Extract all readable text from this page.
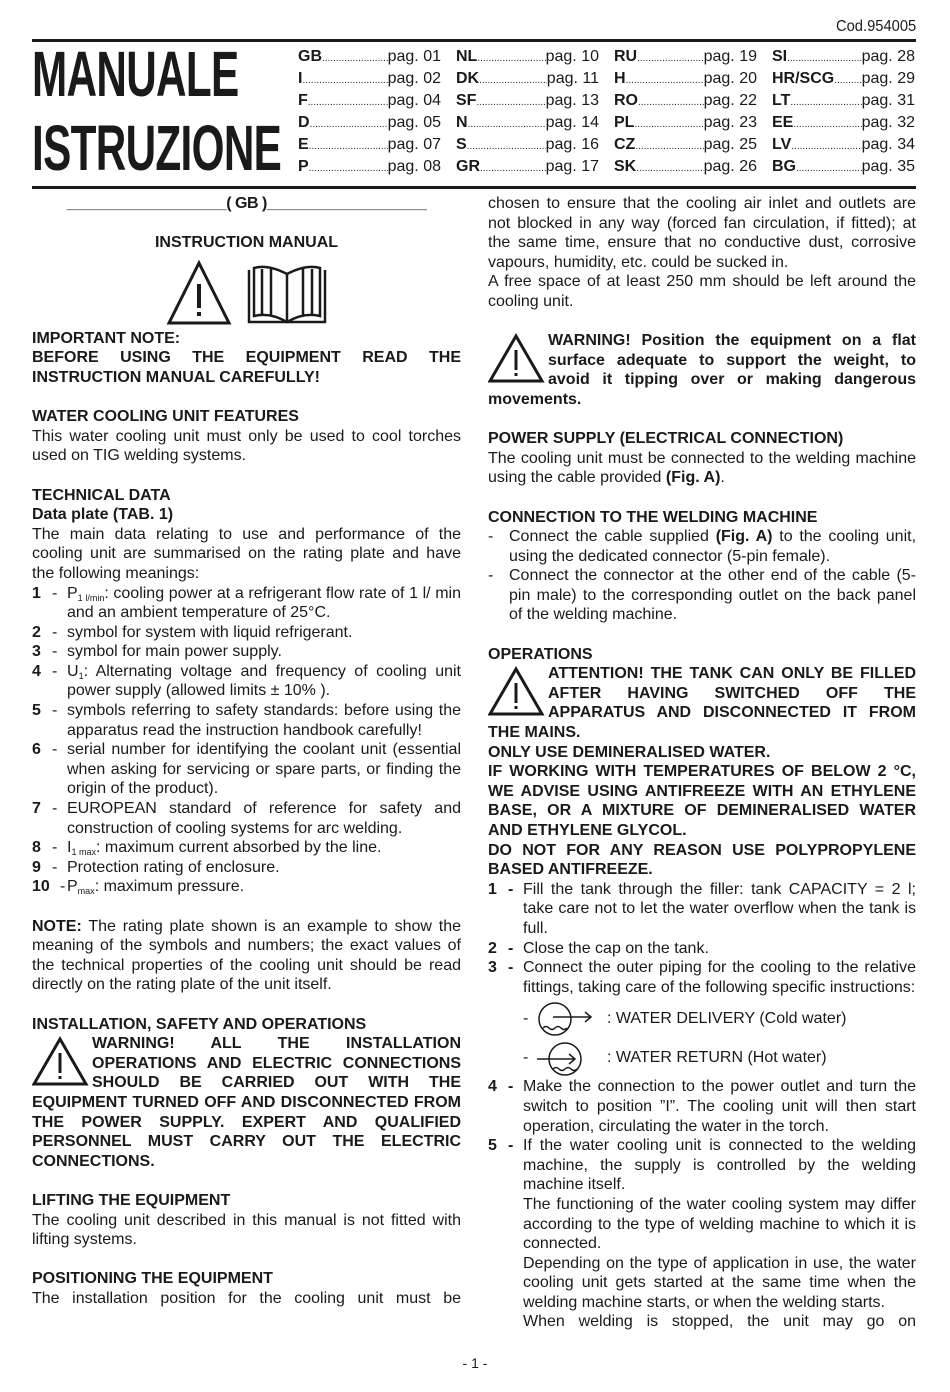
Cod.954005
MANUALE
ISTRUZIONE
GB .....	pag. 01 NL .....	pag. 10 RU .....	pag. 19 SI .....	pag. 28
I .....	pag. 02 DK .....	pag. 11 H .....	pag. 20 HR/SCG ..... pag. 29
F .....	pag. 04 SF .....	pag. 13 RO .....	pag. 22 LT .....	pag. 31
D .....	pag. 05 N .....	pag. 14 PL .....	pag. 23 EE .....	pag. 32
E .....	pag. 07 S .....	pag. 16 CZ .....	pag. 25 LV .....	pag. 34
P .....	pag. 08 GR .....	pag. 17 SK .....	pag. 26 BG .....	pag. 35

___________________( GB )___________________

INSTRUCTION MANUAL

IMPORTANT NOTE:

BEFORE USING THE EQUIPMENT READ THE INSTRUCTION MANUAL CAREFULLY!

WATER COOLING UNIT FEATURES

This water cooling unit must only be used to cool torches used on TIG welding systems.

TECHNICAL DATA

Data plate (TAB. 1)

The main data relating to use and performance of the cooling unit are summarised on the rating plate and have the following meanings:

$1 - P_{1 l/min}$: cooling power at a refrigerant flow rate of 1 l/ min and an ambient temperature of 25°C.
2 - symbol for system with liquid refrigerant.
3 - symbol for main power supply.
$4 - U_1$: Alternating voltage and frequency of cooling unit power supply (allowed limits ± 10% ).
5 - symbols referring to safety standards: before using the apparatus read the instruction handbook carefully!
6 - serial number for identifying the coolant unit (essential when asking for servicing or spare parts, or finding the origin of the product).
7 - EUROPEAN standard of reference for safety and construction of cooling systems for arc welding.
$8 - I_{1 max}$: maximum current absorbed by the line.
9 - Protection rating of enclosure.
$10 - P_{max}$: maximum pressure.

NOTE: The rating plate shown is an example to show the meaning of the symbols and numbers; the exact values of the technical properties of the cooling unit should be read directly on the rating plate of the unit itself.

INSTALLATION, SAFETY AND OPERATIONS

WARNING! ALL THE INSTALLATION OPERATIONS AND ELECTRIC CONNECTIONS SHOULD BE CARRIED OUT WITH THE EQUIPMENT TURNED OFF AND DISCONNECTED FROM THE POWER SUPPLY. EXPERT AND QUALIFIED PERSONNEL MUST CARRY OUT THE ELECTRIC CONNECTIONS.

LIFTING THE EQUIPMENT

The cooling unit described in this manual is not fitted with lifting systems.

POSITIONING THE EQUIPMENT

The installation position for the cooling unit must be

chosen to ensure that the cooling air inlet and outlets are not blocked in any way (forced fan circulation, if fitted); at the same time, ensure that no conductive dust, corrosive vapours, humidity, etc. could be sucked in.

A free space of at least 250 mm should be left around the cooling unit.

WARNING! Position the equipment on a flat surface adequate to support the weight, to avoid it tipping over or making dangerous movements.

POWER SUPPLY (ELECTRICAL CONNECTION)

The cooling unit must be connected to the welding machine using the cable provided (Fig. A).

CONNECTION TO THE WELDING MACHINE
- Connect the cable supplied (Fig. A) to the cooling unit, using the dedicated connector (5-pin female).
- Connect the connector at the other end of the cable (5-pin male) to the corresponding outlet on the back panel of the welding machine.
OPERATIONS

ATTENTION! THE TANK CAN ONLY BE FILLED AFTER HAVING SWITCHED OFF THE APPARATUS AND DISCONNECTED IT FROM THE MAINS.

ONLY USE DEMINERALISED WATER.

IF WORKING WITH TEMPERATURES OF BELOW 2 °C, WE ADVISE USING ANTIFREEZE WITH AN ETHYLENE BASE, OR A MIXTURE OF DEMINERALISED WATER AND ETHYLENE GLYCOL.

DO NOT FOR ANY REASON USE POLYPROPYLENE BASED ANTIFREEZE.

1 - Fill the tank through the filler: tank CAPACITY = 2 l; take care not to let the water overflow when the tank is full.
2 - Close the cap on the tank.
3 - Connect the outer piping for the cooling to the relative fittings, taking care of the following specific instructions:
-	: WATER DELIVERY (Cold water)
-	: WATER RETURN (Hot water)
4 - Make the connection to the power outlet and turn the switch to position ”I”. The cooling unit will then start operation, circulating the water in the torch.
5 - If the water cooling unit is connected to the welding machine, the supply is controlled by the welding machine itself.

The functioning of the water cooling system may differ according to the type of welding machine to which it is connected.

Depending on the type of application in use, the water cooling unit gets started at the same time when the welding machine starts, or when the welding starts.

When welding is stopped, the unit may go on

- 1 -
